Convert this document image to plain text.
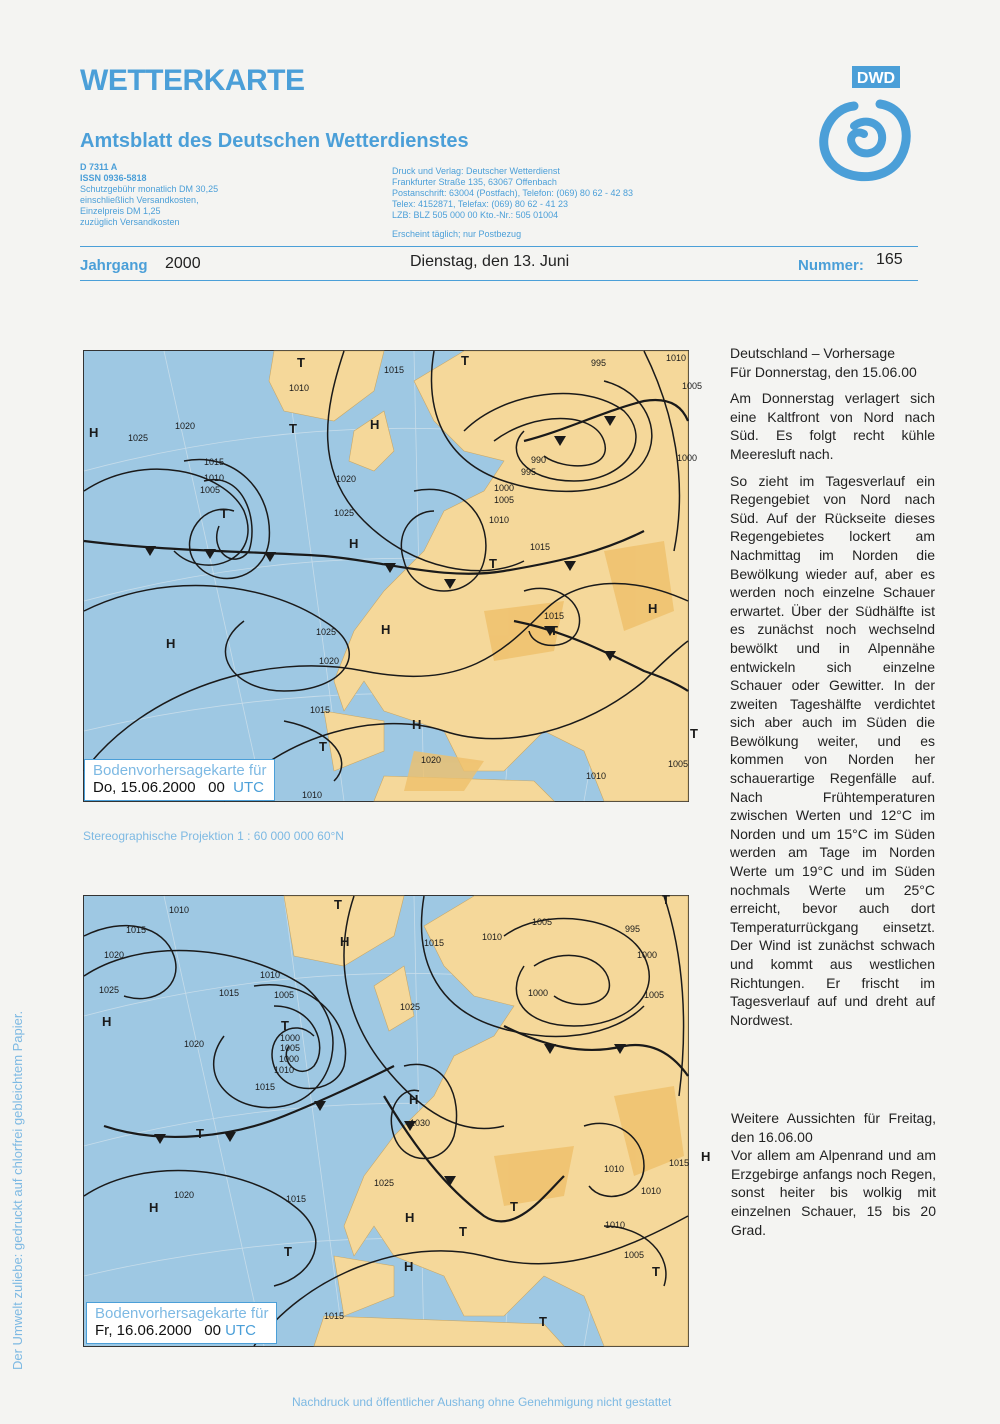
WETTERKARTE
Amtsblatt des Deutschen Wetterdienstes
D 7311 A
ISSN 0936-5818
Schutzgebühr monatlich DM 30,25
einschließlich Versandkosten,
Einzelpreis DM 1,25
zuzüglich Versandkosten
Druck und Verlag: Deutscher Wetterdienst
Frankfurter Straße 135, 63067 Offenbach
Postanschrift: 63004 (Postfach), Telefon: (069) 80 62 - 42 83
Telex: 4152871, Telefax: (069) 80 62 - 41 23
LZB: BLZ 505 000 00 Kto.-Nr.: 505 01004
Erscheint täglich; nur Postbezug
DWD
Jahrgang 2000	Dienstag, den 13. Juni	Nummer: 165
1015
1010
995	1010
1005
1025
1020
1015
1010
1005
1020
1025
990
995
1000
1005
1010
1000
1015
1015
1025
1020
1015
1020
1010
1005
1010
T	T
H	T	H
T
H
H
H	T
H
H
T
T
T
Bodenvorhersagekarte für
Do, 15.06.2000 00 UTC
Stereographische Projektion 1 : 60 000 000 60°N
1010
1015
1020
1025	1015
1010
1005
1000
1005
1000
1010
1015
1020
1025
1015
1010
1005
995
1000
1005
1000
1030
1025
1020	1015
1010
1015
1010
1010
1005
1015
T
H
H	T
T
H
T
H
H
T
T
T
H
T
T
H
Bodenvorhersagekarte für
Fr, 16.06.2000 00 UTC
Deutschland – Vorhersage
Für Donnerstag, den 15.06.00

Am Donnerstag verlagert sich eine Kaltfront von Nord nach Süd. Es folgt recht kühle Meeresluft nach.

So zieht im Tagesverlauf ein Regengebiet von Nord nach Süd. Auf der Rückseite dieses Regengebietes lockert am Nachmittag im Norden die Bewölkung wieder auf, aber es werden noch einzelne Schauer erwartet. Über der Südhälfte ist es zunächst noch wechselnd bewölkt und in Alpennähe entwickeln sich einzelne Schauer oder Gewitter. In der zweiten Tageshälfte verdichtet sich aber auch im Süden die Bewölkung weiter, und es kommen von Norden her schauerartige Regenfälle auf. Nach Frühtemperaturen zwischen Werten und 12°C im Norden und um 15°C im Süden werden am Tage im Norden Werte um 19°C und im Süden nochmals Werte um 25°C erreicht, bevor auch dort Temperaturrückgang einsetzt. Der Wind ist zunächst schwach und kommt aus westlichen Richtungen. Er frischt im Tagesverlauf auf und dreht auf Nordwest.

Weitere Aussichten für Freitag, den 16.06.00
Vor allem am Alpenrand und am Erzgebirge anfangs noch Regen, sonst heiter bis wolkig mit einzelnen Schauer, 15 bis 20 Grad.
Der Umwelt zuliebe: gedruckt auf chlorfrei gebleichtem Papier.
Nachdruck und öffentlicher Aushang ohne Genehmigung nicht gestattet
